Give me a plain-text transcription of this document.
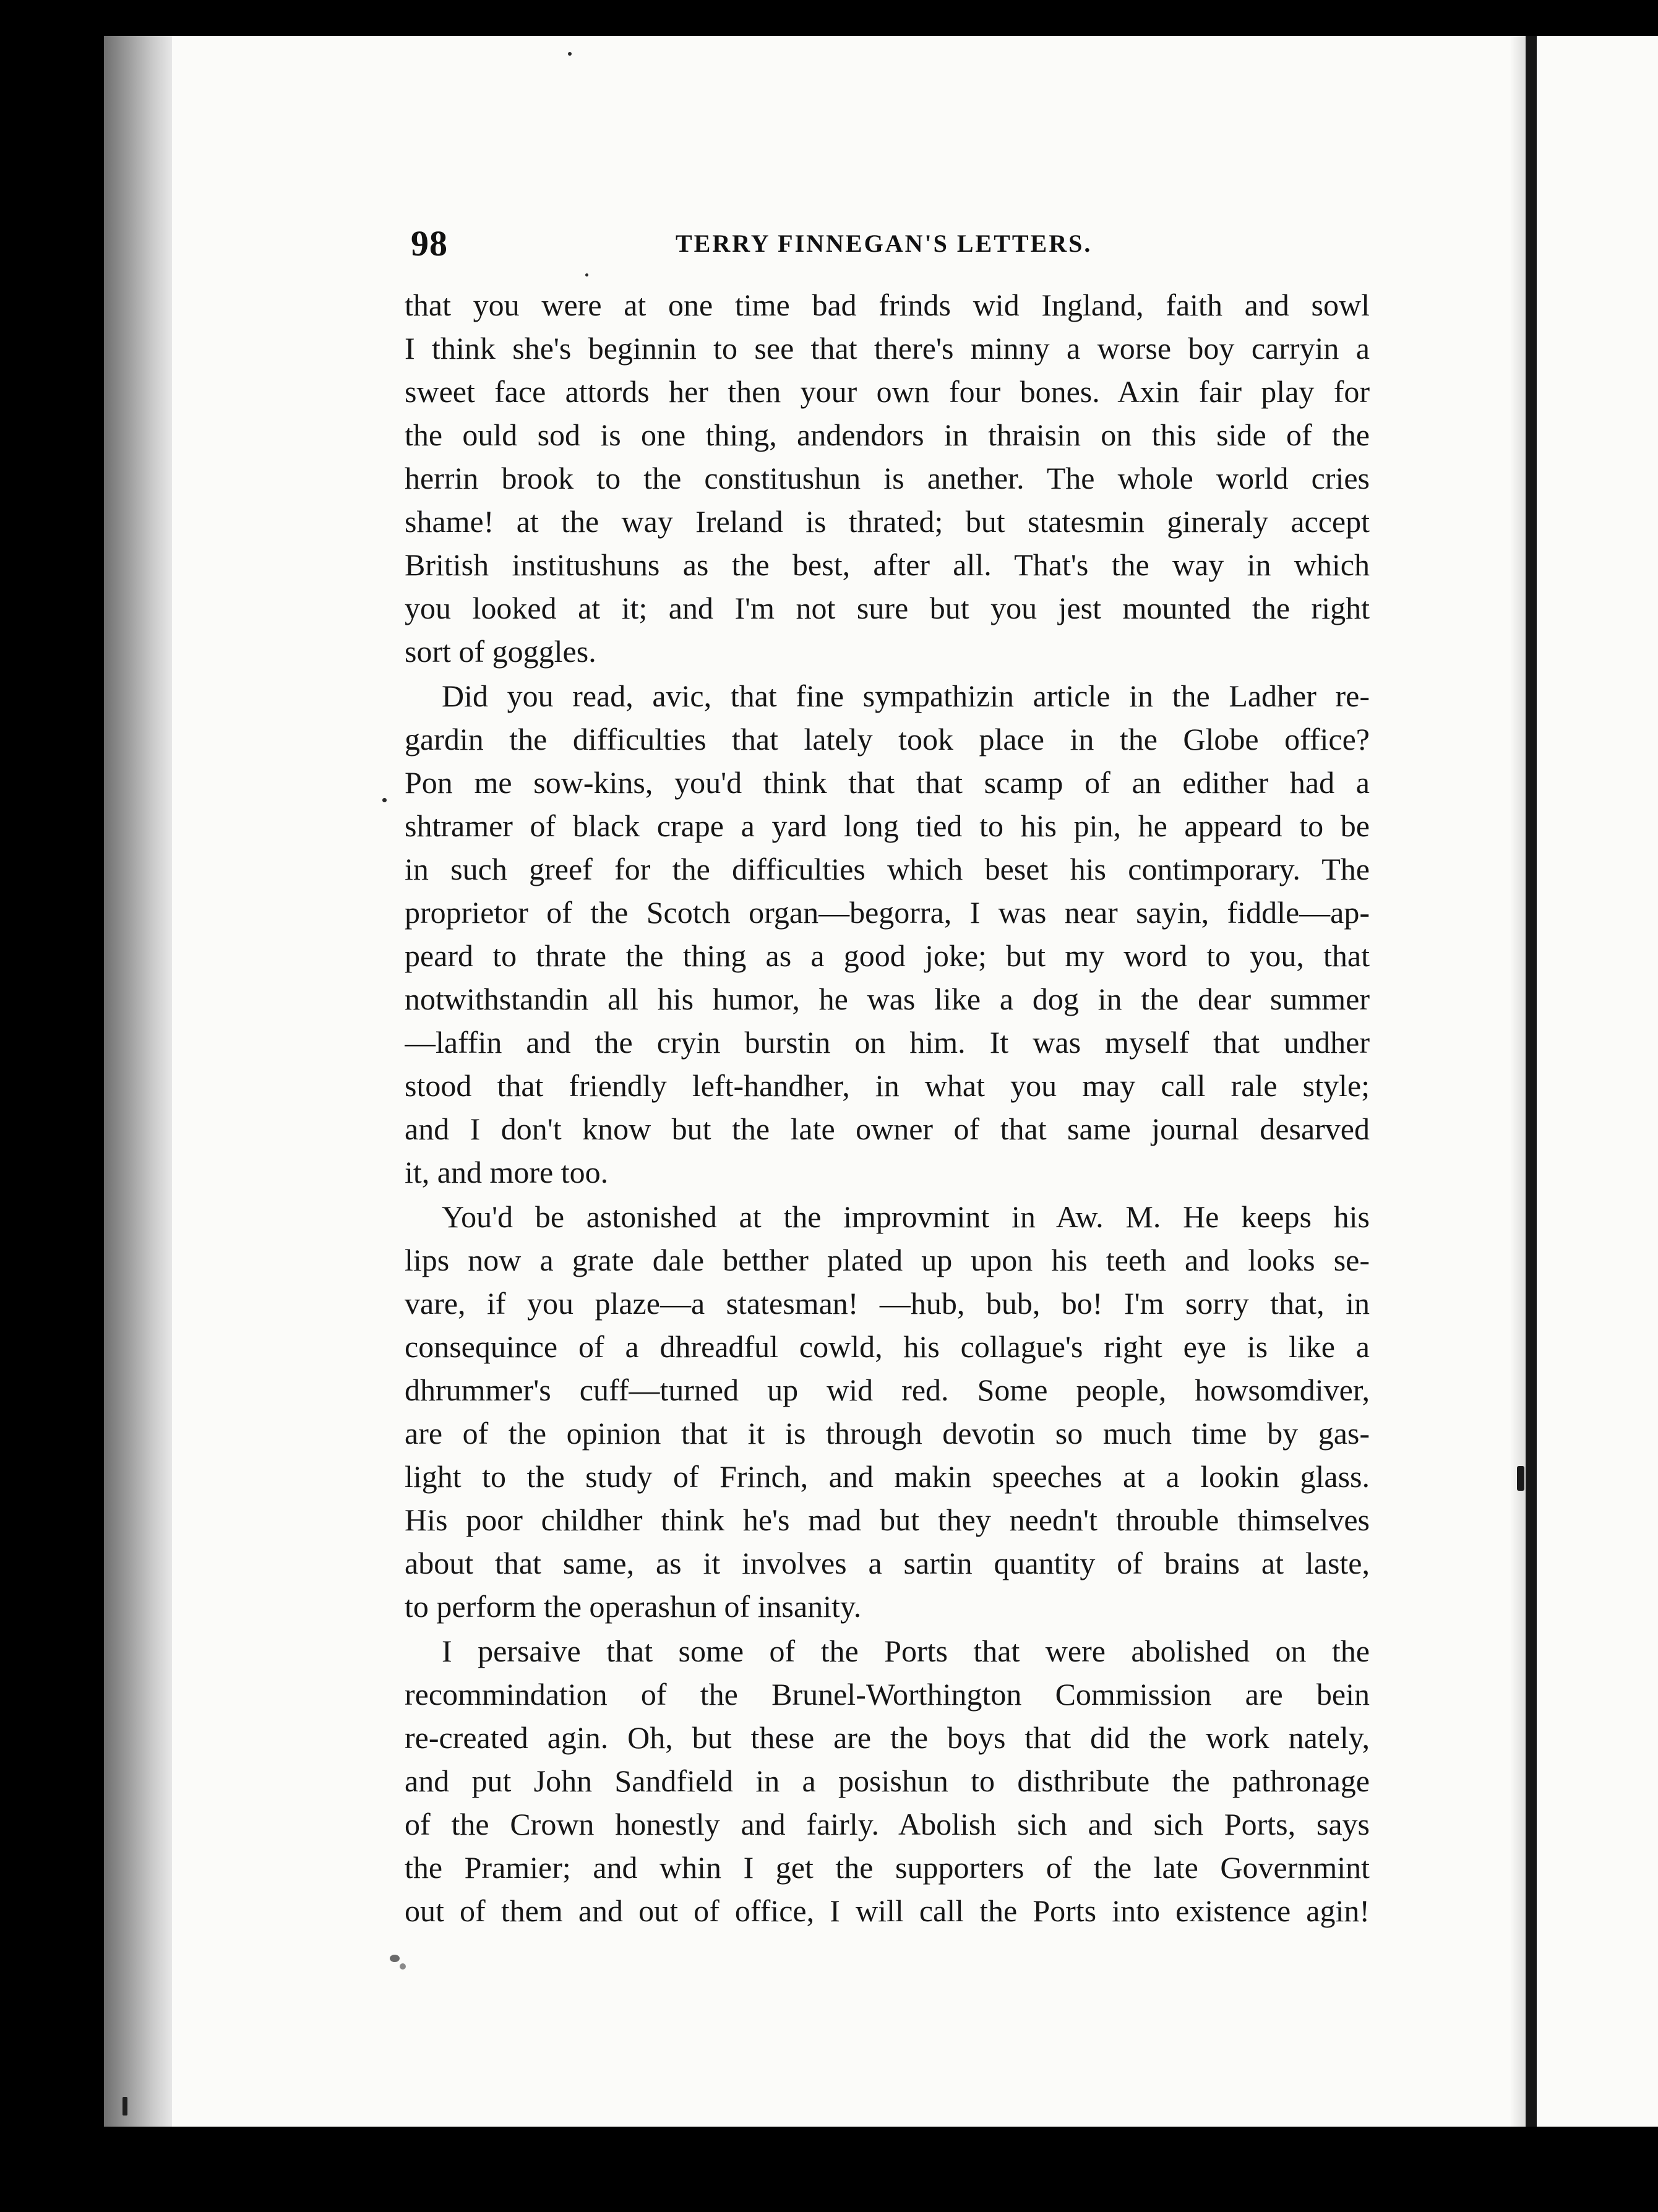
98	TERRY FINNEGAN'S LETTERS.
that you were at one time bad frinds wid Ingland, faith and sowl
I think she's beginnin to see that there's minny a worse boy carryin a
sweet face attords her then your own four bones. Axin fair play for
the ould sod is one thing, andendors in thraisin on this side of the
herrin brook to the constitushun is anether. The whole world cries
shame! at the way Ireland is thrated; but statesmin gineraly accept
British institushuns as the best, after all. That's the way in which
you looked at it; and I'm not sure but you jest mounted the right
sort of goggles.
Did you read, avic, that fine sympathizin article in the Ladher re-
gardin the difficulties that lately took place in the Globe office?
Pon me sow-kins, you'd think that that scamp of an edither had a
shtramer of black crape a yard long tied to his pin, he appeard to be
in such greef for the difficulties which beset his contimporary. The
proprietor of the Scotch organ—begorra, I was near sayin, fiddle—ap-
peard to thrate the thing as a good joke; but my word to you, that
notwithstandin all his humor, he was like a dog in the dear summer
—laffin and the cryin burstin on him. It was myself that undher
stood that friendly left-handher, in what you may call rale style;
and I don't know but the late owner of that same journal desarved
it, and more too.
You'd be astonished at the improvmint in Aw. M. He keeps his
lips now a grate dale betther plated up upon his teeth and looks se-
vare, if you plaze—a statesman! —hub, bub, bo! I'm sorry that, in
consequince of a dhreadful cowld, his collague's right eye is like a
dhrummer's cuff—turned up wid red. Some people, howsomdiver,
are of the opinion that it is through devotin so much time by gas-
light to the study of Frinch, and makin speeches at a lookin glass.
His poor childher think he's mad but they needn't throuble thimselves
about that same, as it involves a sartin quantity of brains at laste,
to perform the operashun of insanity.
I persaive that some of the Ports that were abolished on the
recommindation of the Brunel-Worthington Commission are bein
re-created agin. Oh, but these are the boys that did the work nately,
and put John Sandfield in a posishun to disthribute the pathronage
of the Crown honestly and fairly. Abolish sich and sich Ports, says
the Pramier; and whin I get the supporters of the late Governmint
out of them and out of office, I will call the Ports into existence agin!
